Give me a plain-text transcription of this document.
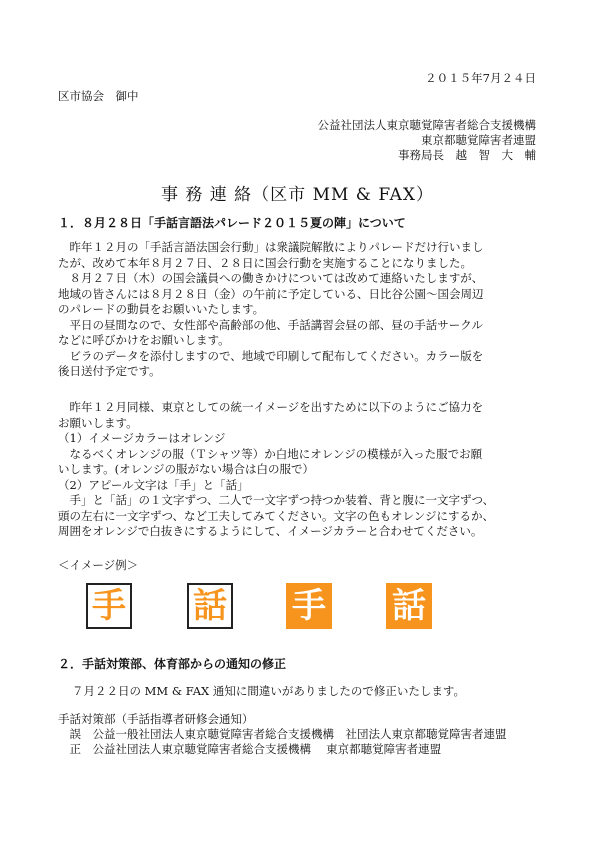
２０１５年7月２４日
区市協会　御中
公益社団法人東京聴覚障害者総合支援機構
東京都聴覚障害者連盟
事務局長　越　智　大　輔
事 務 連 絡（区市 MM & FAX）
１．８月２８日「手話言語法パレード２０１５夏の陣」について

　昨年１２月の「手話言語法国会行動」は衆議院解散によりパレードだけ行いまし

たが、改めて本年８月２７日、２８日に国会行動を実施することになりました。

　８月２７日（木）の国会議員への働きかけについては改めて連絡いたしますが、

地域の皆さんには８月２８日（金）の午前に予定している、日比谷公園〜国会周辺

のパレードの動員をお願いいたします。

　平日の昼間なので、女性部や高齢部の他、手話講習会昼の部、昼の手話サークル

などに呼びかけをお願いします。

　ビラのデータを添付しますので、地域で印刷して配布してください。カラー版を

後日送付予定です。

　昨年１２月同様、東京としての統一イメージを出すために以下のようにご協力を

お願いします。

（1）イメージカラーはオレンジ

　なるべくオレンジの服（Ｔシャツ等）か白地にオレンジの模様が入った服でお願

いします。(オレンジの服がない場合は白の服で）

（2）アピール文字は「手」と「話」

　手」と「話」の１文字ずつ、二人で一文字ずつ持つか装着、背と腹に一文字ずつ、

頭の左右に一文字ずつ、など工夫してみてください。文字の色もオレンジにするか、

周囲をオレンジで白抜きにするようにして、イメージカラーと合わせてください。

＜イメージ例＞
手 話 手 話
２．手話対策部、体育部からの通知の修正
７月２２日の MM & FAX 通知に間違いがありましたので修正いたします。
手話対策部（手話指導者研修会通知）
　誤　公益一般社団法人東京聴覚障害者総合支援機構　社団法人東京都聴覚障害者連盟
　正　公益社団法人東京聴覚障害者総合支援機構　 東京都聴覚障害者連盟
